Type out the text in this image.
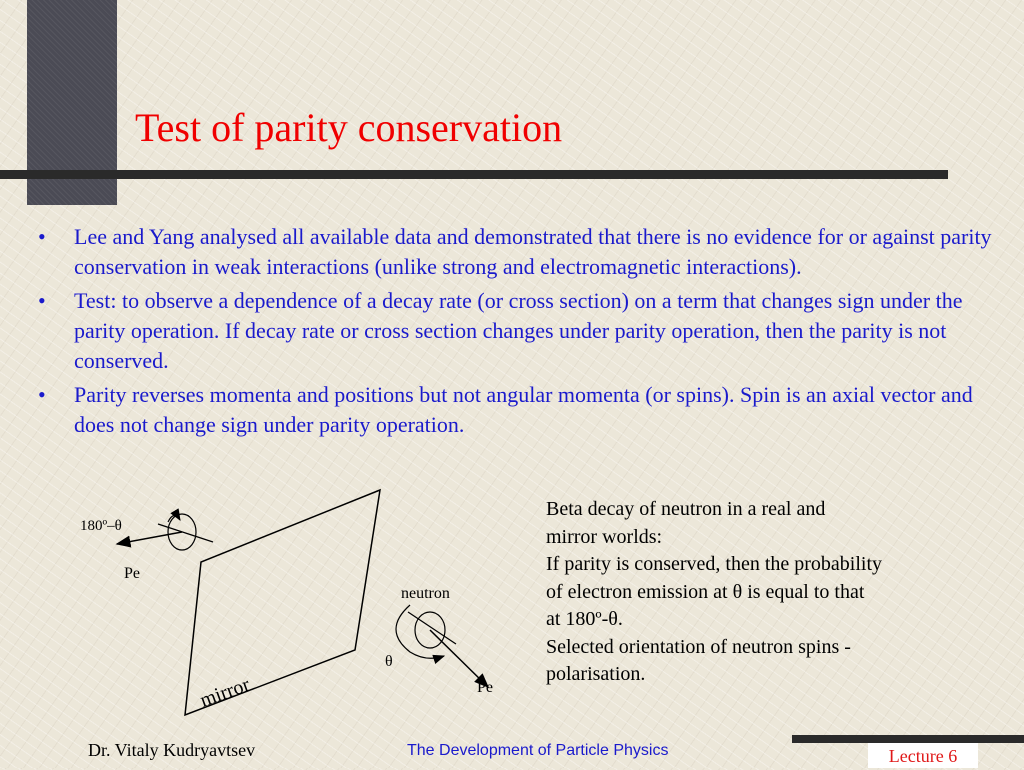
Test of parity conservation
• Lee and Yang analysed all available data and demonstrated that there is no evidence for or against parity conservation in weak interactions (unlike strong and electromagnetic interactions).
• Test: to observe a dependence of a decay rate (or cross section) on a term that changes sign under the parity operation. If decay rate or cross section changes under parity operation, then the parity is not conserved.
• Parity reverses momenta and positions but not angular momenta (or spins). Spin is an axial vector and does not change sign under parity operation.
mirror
180º–θ
Pe
neutron
θ
Pe

Beta decay of neutron in a real and
mirror worlds:
If parity is conserved, then the probability
of electron emission at θ is equal to that
at 180º-θ.
Selected orientation of neutron spins -
polarisation.

Dr. Vitaly Kudryavtsev	The Development of Particle Physics	Lecture 6
